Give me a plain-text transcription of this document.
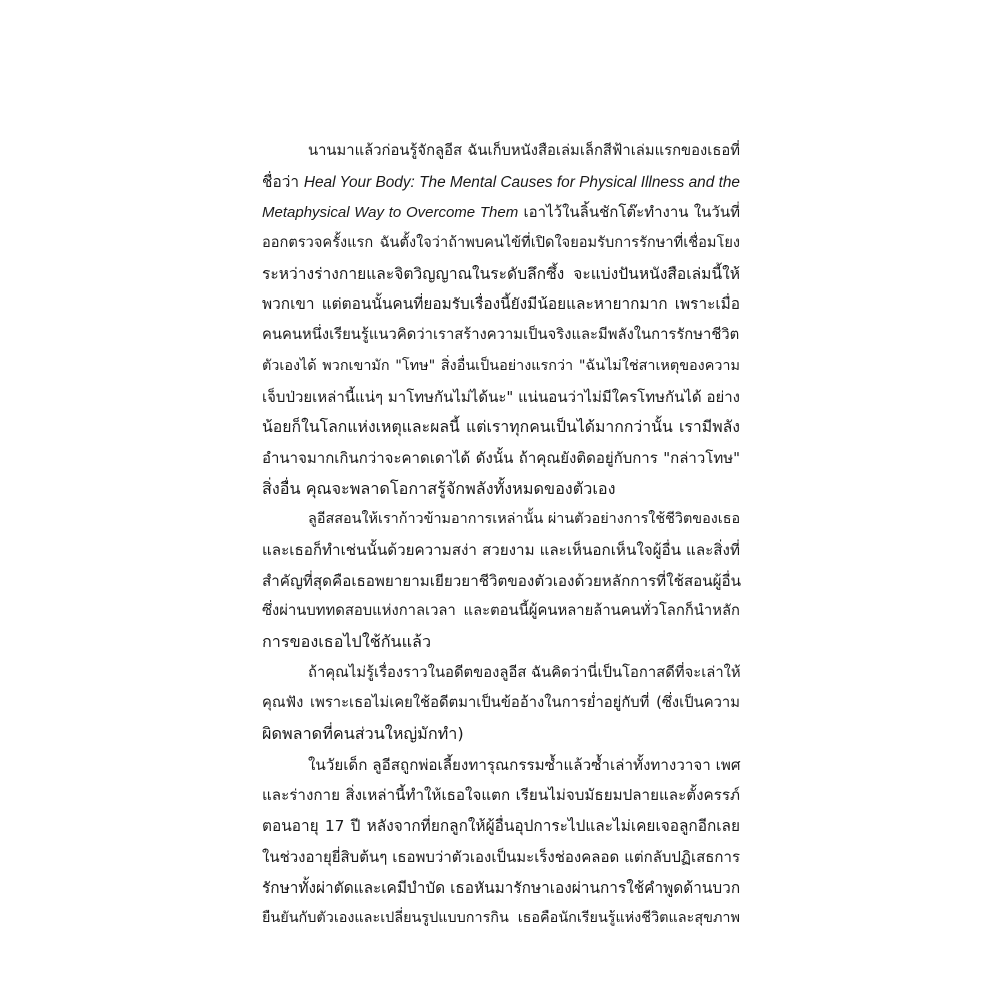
นานมาแล้วก่อนรู้จักลูอีส ฉันเก็บหนังสือเล่มเล็กสีฟ้าเล่มแรกของเธอที่
ชื่อว่า Heal Your Body: The Mental Causes for Physical Illness and the
Metaphysical Way to Overcome Them เอาไว้ในลิ้นชักโต๊ะทำงาน ในวันที่
ออกตรวจครั้งแรก ฉันตั้งใจว่าถ้าพบคนไข้ที่เปิดใจยอมรับการรักษาที่เชื่อมโยง
ระหว่างร่างกายและจิตวิญญาณในระดับลึกซึ้ง จะแบ่งปันหนังสือเล่มนี้ให้
พวกเขา แต่ตอนนั้นคนที่ยอมรับเรื่องนี้ยังมีน้อยและหายากมาก เพราะเมื่อ
คนคนหนึ่งเรียนรู้แนวคิดว่าเราสร้างความเป็นจริงและมีพลังในการรักษาชีวิต
ตัวเองได้ พวกเขามัก "โทษ" สิ่งอื่นเป็นอย่างแรกว่า "ฉันไม่ใช่สาเหตุของความ
เจ็บป่วยเหล่านี้แน่ๆ มาโทษกันไม่ได้นะ" แน่นอนว่าไม่มีใครโทษกันได้ อย่าง
น้อยก็ในโลกแห่งเหตุและผลนี้ แต่เราทุกคนเป็นได้มากกว่านั้น เรามีพลัง
อำนาจมากเกินกว่าจะคาดเดาได้ ดังนั้น ถ้าคุณยังติดอยู่กับการ "กล่าวโทษ"
สิ่งอื่น คุณจะพลาดโอกาสรู้จักพลังทั้งหมดของตัวเอง
ลูอีสสอนให้เราก้าวข้ามอาการเหล่านั้น ผ่านตัวอย่างการใช้ชีวิตของเธอ
และเธอก็ทำเช่นนั้นด้วยความสง่า สวยงาม และเห็นอกเห็นใจผู้อื่น และสิ่งที่
สำคัญที่สุดคือเธอพยายามเยียวยาชีวิตของตัวเองด้วยหลักการที่ใช้สอนผู้อื่น
ซึ่งผ่านบททดสอบแห่งกาลเวลา และตอนนี้ผู้คนหลายล้านคนทั่วโลกก็นำหลัก
การของเธอไปใช้กันแล้ว
ถ้าคุณไม่รู้เรื่องราวในอดีตของลูอีส ฉันคิดว่านี่เป็นโอกาสดีที่จะเล่าให้
คุณฟัง เพราะเธอไม่เคยใช้อดีตมาเป็นข้ออ้างในการย่ำอยู่กับที่ (ซึ่งเป็นความ
ผิดพลาดที่คนส่วนใหญ่มักทำ)
ในวัยเด็ก ลูอีสถูกพ่อเลี้ยงทารุณกรรมซ้ำแล้วซ้ำเล่าทั้งทางวาจา เพศ
และร่างกาย สิ่งเหล่านี้ทำให้เธอใจแตก เรียนไม่จบมัธยมปลายและตั้งครรภ์
ตอนอายุ 17 ปี หลังจากที่ยกลูกให้ผู้อื่นอุปการะไปและไม่เคยเจอลูกอีกเลย
ในช่วงอายุยี่สิบต้นๆ เธอพบว่าตัวเองเป็นมะเร็งช่องคลอด แต่กลับปฏิเสธการ
รักษาทั้งผ่าตัดและเคมีบำบัด เธอหันมารักษาเองผ่านการใช้คำพูดด้านบวก
ยืนยันกับตัวเองและเปลี่ยนรูปแบบการกิน เธอคือนักเรียนรู้แห่งชีวิตและสุขภาพ
